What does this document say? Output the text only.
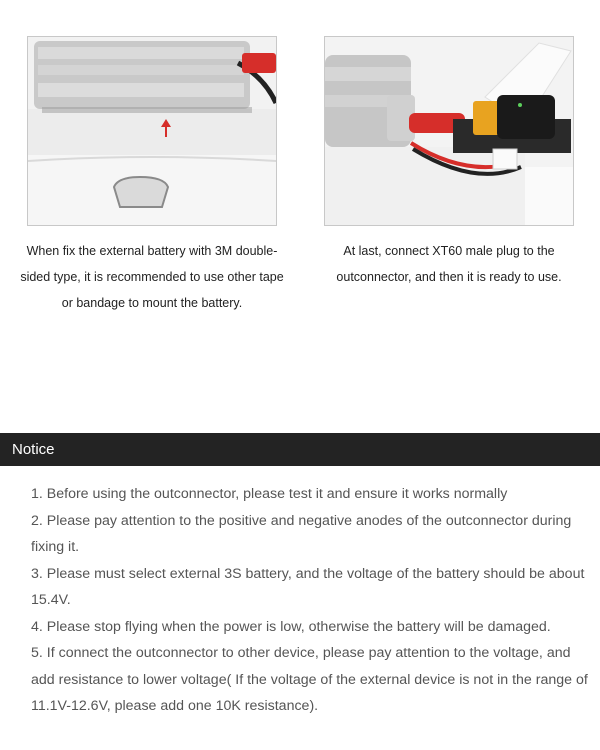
When fix the external battery with 3M double-sided type, it is recommended to use other tape or bandage to mount the battery.
At last, connect XT60 male plug to the outconnector, and then it is ready to use.
Notice
1. Before using the outconnector, please test it and ensure it works normally
2. Please pay attention to the positive and negative anodes of the outconnector during fixing it.
3. Please must select external 3S battery, and the voltage of the battery should be about 15.4V.
4. Please stop flying when the power is low, otherwise the battery will be damaged.
5. If connect the outconnector to other device, please pay attention to the voltage, and add resistance to lower voltage( If the voltage of the external device is not in the range of 11.1V-12.6V, please add one 10K resistance).
